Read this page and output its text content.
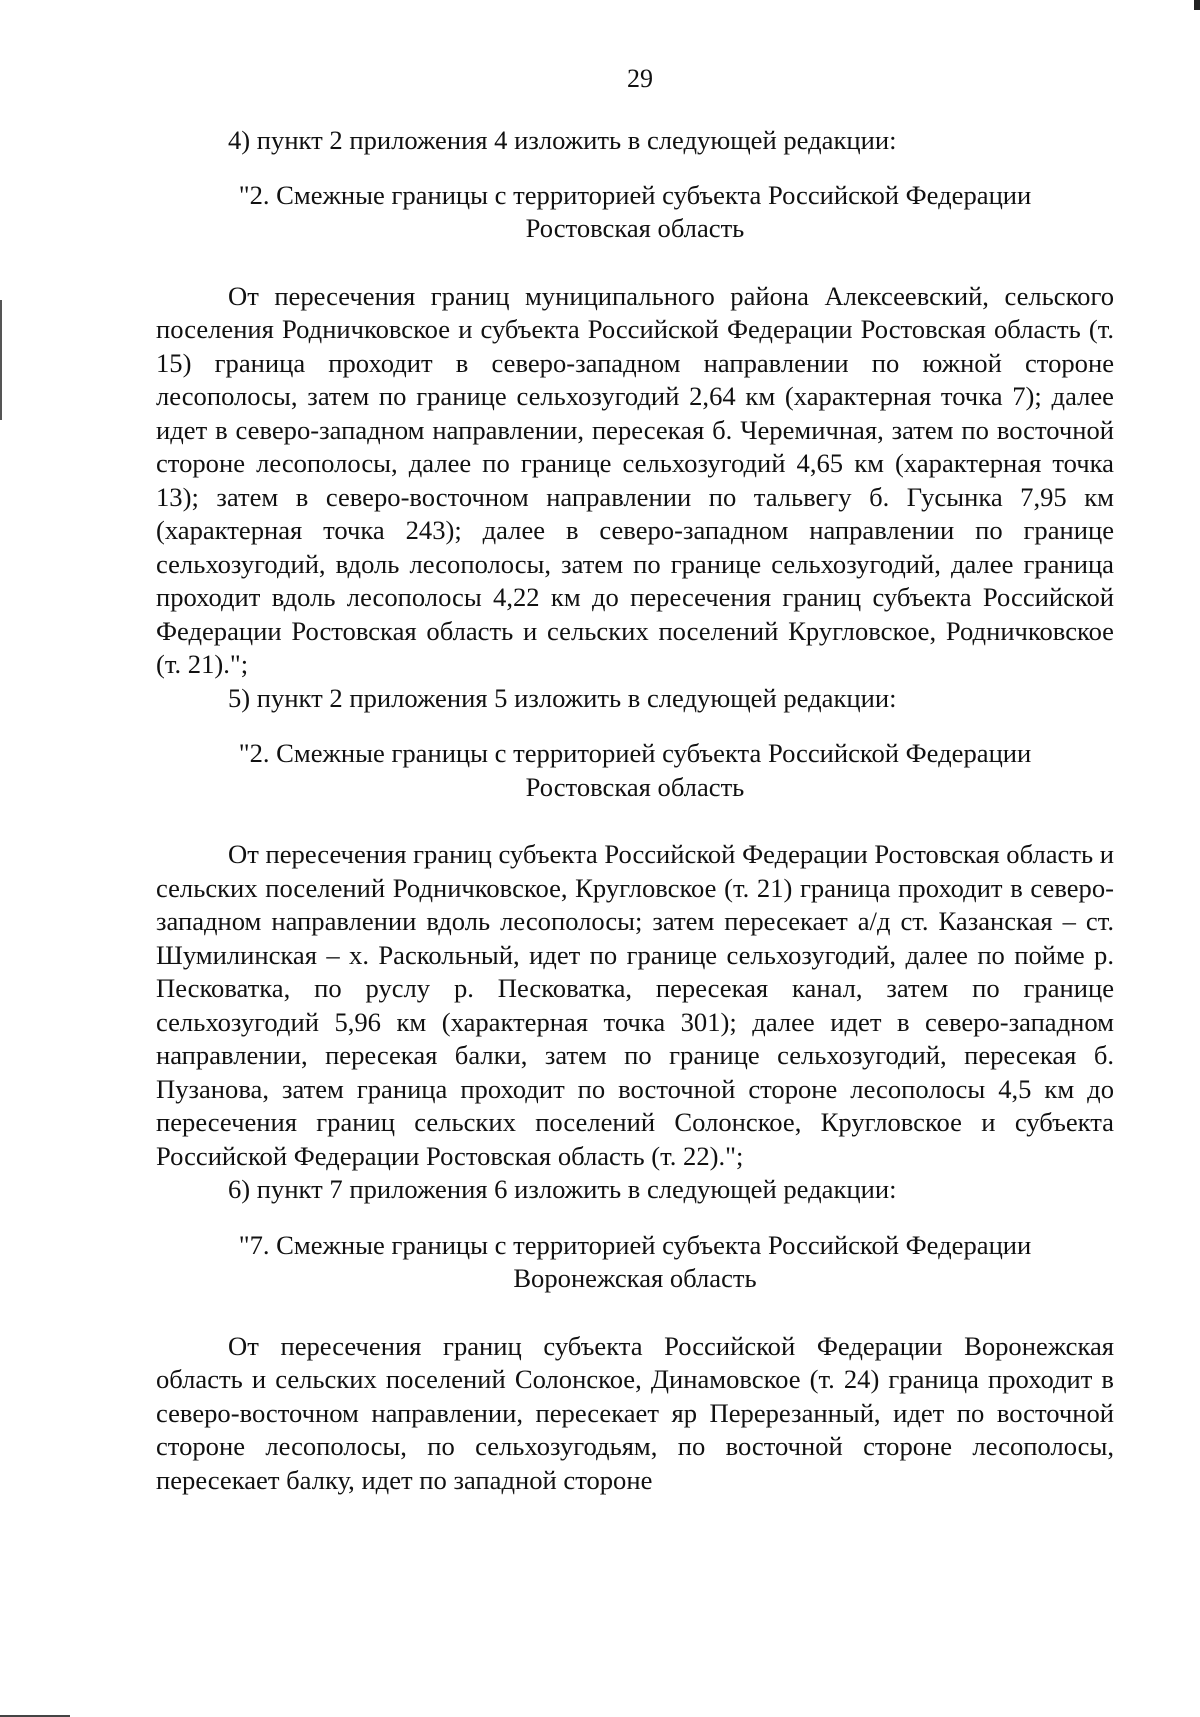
29

4) пункт 2 приложения 4 изложить в следующей редакции:

"2. Смежные границы с территорией субъекта Российской Федерации

Ростовская область

От пересечения границ муниципального района Алексеевский, сельского поселения Родничковское и субъекта Российской Федерации Ростовская область (т. 15) граница проходит в северо-западном направлении по южной стороне лесополосы, затем по границе сельхозугодий 2,64 км (характерная точка 7); далее идет в северо-западном направлении, пересекая б. Черемичная, затем по восточной стороне лесополосы, далее по границе сельхозугодий 4,65 км (характерная точка 13); затем в северо-восточном направлении по тальвегу б. Гусынка 7,95 км (характерная точка 243); далее в северо-западном направлении по границе сельхозугодий, вдоль лесополосы, затем по границе сельхозугодий, далее граница проходит вдоль лесополосы 4,22 км до пересечения границ субъекта Российской Федерации Ростовская область и сельских поселений Кругловское, Родничковское (т. 21).";

5) пункт 2 приложения 5 изложить в следующей редакции:

"2. Смежные границы с территорией субъекта Российской Федерации

Ростовская область

От пересечения границ субъекта Российской Федерации Ростовская область и сельских поселений Родничковское, Кругловское (т. 21) граница проходит в северо-западном направлении вдоль лесополосы; затем пересекает а/д ст. Казанская – ст. Шумилинская – х. Раскольный, идет по границе сельхозугодий, далее по пойме р. Песковатка, по руслу р. Песковатка, пересекая канал, затем по границе сельхозугодий 5,96 км (характерная точка 301); далее идет в северо-западном направлении, пересекая балки, затем по границе сельхозугодий, пересекая б. Пузанова, затем граница проходит по восточной стороне лесополосы 4,5 км до пересечения границ сельских поселений Солонское, Кругловское и субъекта Российской Федерации Ростовская область (т. 22).";

6) пункт 7 приложения 6 изложить в следующей редакции:

"7. Смежные границы с территорией субъекта Российской Федерации

Воронежская область

От пересечения границ субъекта Российской Федерации Воронежская область и сельских поселений Солонское, Динамовское (т. 24) граница проходит в северо-восточном направлении, пересекает яр Перерезанный, идет по восточной стороне лесополосы, по сельхозугодьям, по восточной стороне лесополосы, пересекает балку, идет по западной стороне
